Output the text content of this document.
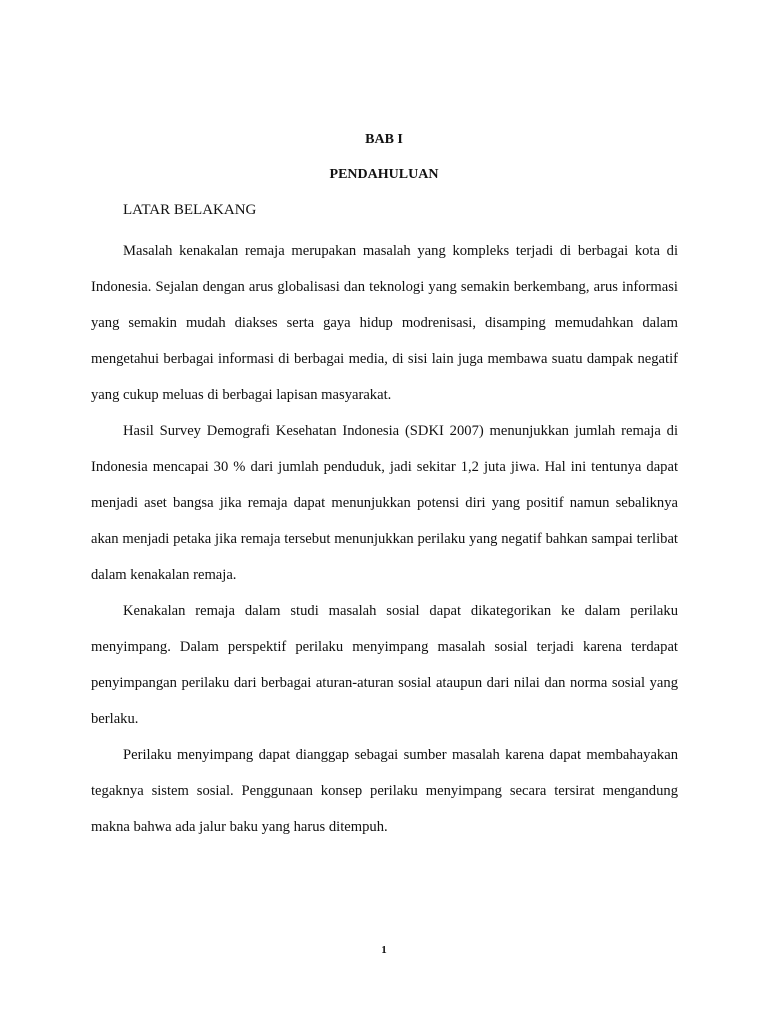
BAB I
PENDAHULUAN
LATAR BELAKANG

Masalah kenakalan remaja merupakan masalah yang kompleks terjadi di berbagai kota di Indonesia. Sejalan dengan arus globalisasi dan teknologi yang semakin berkembang, arus informasi yang semakin mudah diakses serta gaya hidup modrenisasi, disamping memudahkan dalam mengetahui berbagai informasi di berbagai media, di sisi lain juga membawa suatu dampak negatif yang cukup meluas di berbagai lapisan masyarakat.

Hasil Survey Demografi Kesehatan Indonesia (SDKI 2007) menunjukkan jumlah remaja di Indonesia mencapai 30 % dari jumlah penduduk, jadi sekitar 1,2 juta jiwa. Hal ini tentunya dapat menjadi aset bangsa jika remaja dapat menunjukkan potensi diri yang positif namun sebaliknya akan menjadi petaka jika remaja tersebut menunjukkan perilaku yang negatif bahkan sampai terlibat dalam kenakalan remaja.

Kenakalan remaja dalam studi masalah sosial dapat dikategorikan ke dalam perilaku menyimpang. Dalam perspektif perilaku menyimpang masalah sosial terjadi karena terdapat penyimpangan perilaku dari berbagai aturan-aturan sosial ataupun dari nilai dan norma sosial yang berlaku.

Perilaku menyimpang dapat dianggap sebagai sumber masalah karena dapat membahayakan tegaknya sistem sosial. Penggunaan konsep perilaku menyimpang secara tersirat mengandung makna bahwa ada jalur baku yang harus ditempuh.

1
